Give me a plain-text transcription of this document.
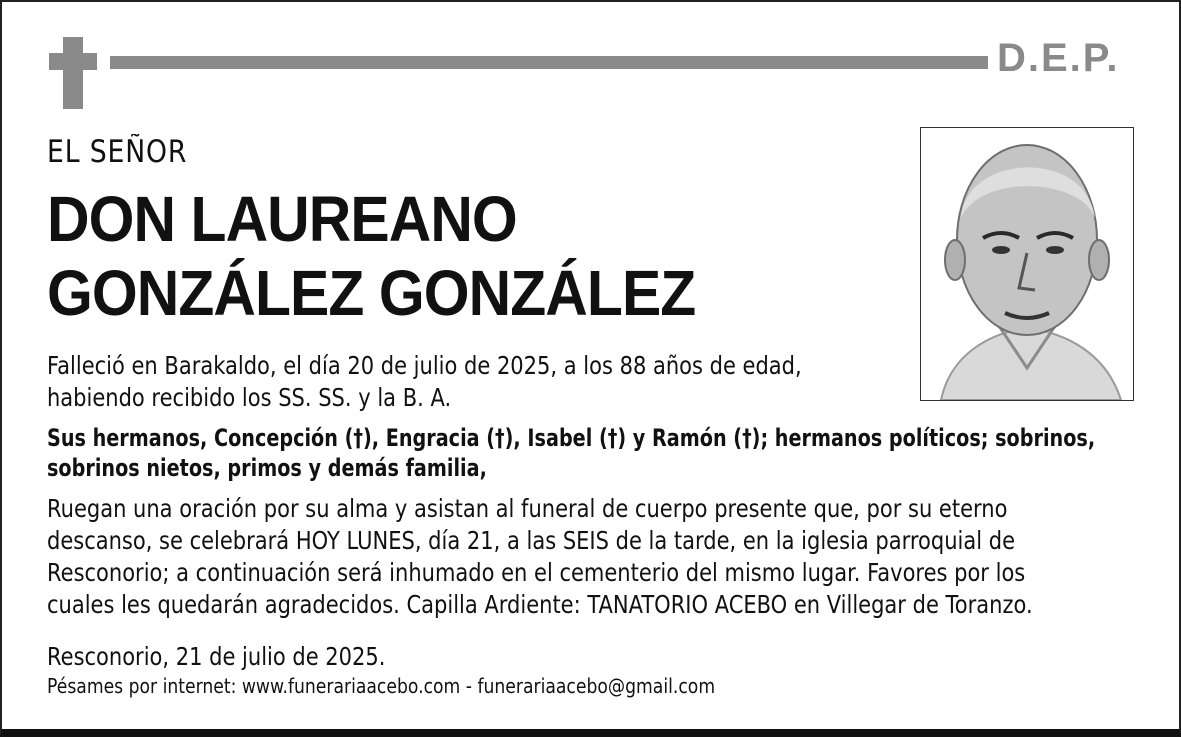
D.E.P.
EL SEÑOR
DON LAUREANO
GONZÁLEZ GONZÁLEZ
Falleció en Barakaldo, el día 20 de julio de 2025, a los 88 años de edad,
habiendo recibido los SS. SS. y la B. A.
Sus hermanos, Concepción (†), Engracia (†), Isabel (†) y Ramón (†); hermanos políticos; sobrinos,
sobrinos nietos, primos y demás familia,
Ruegan una oración por su alma y asistan al funeral de cuerpo presente que, por su eterno
descanso, se celebrará HOY LUNES, día 21, a las SEIS de la tarde, en la iglesia parroquial de
Resconorio; a continuación será inhumado en el cementerio del mismo lugar. Favores por los
cuales les quedarán agradecidos. Capilla Ardiente: TANATORIO ACEBO en Villegar de Toranzo.
Resconorio, 21 de julio de 2025.
Pésames por internet: www.funerariaacebo.com - funerariaacebo@gmail.com
